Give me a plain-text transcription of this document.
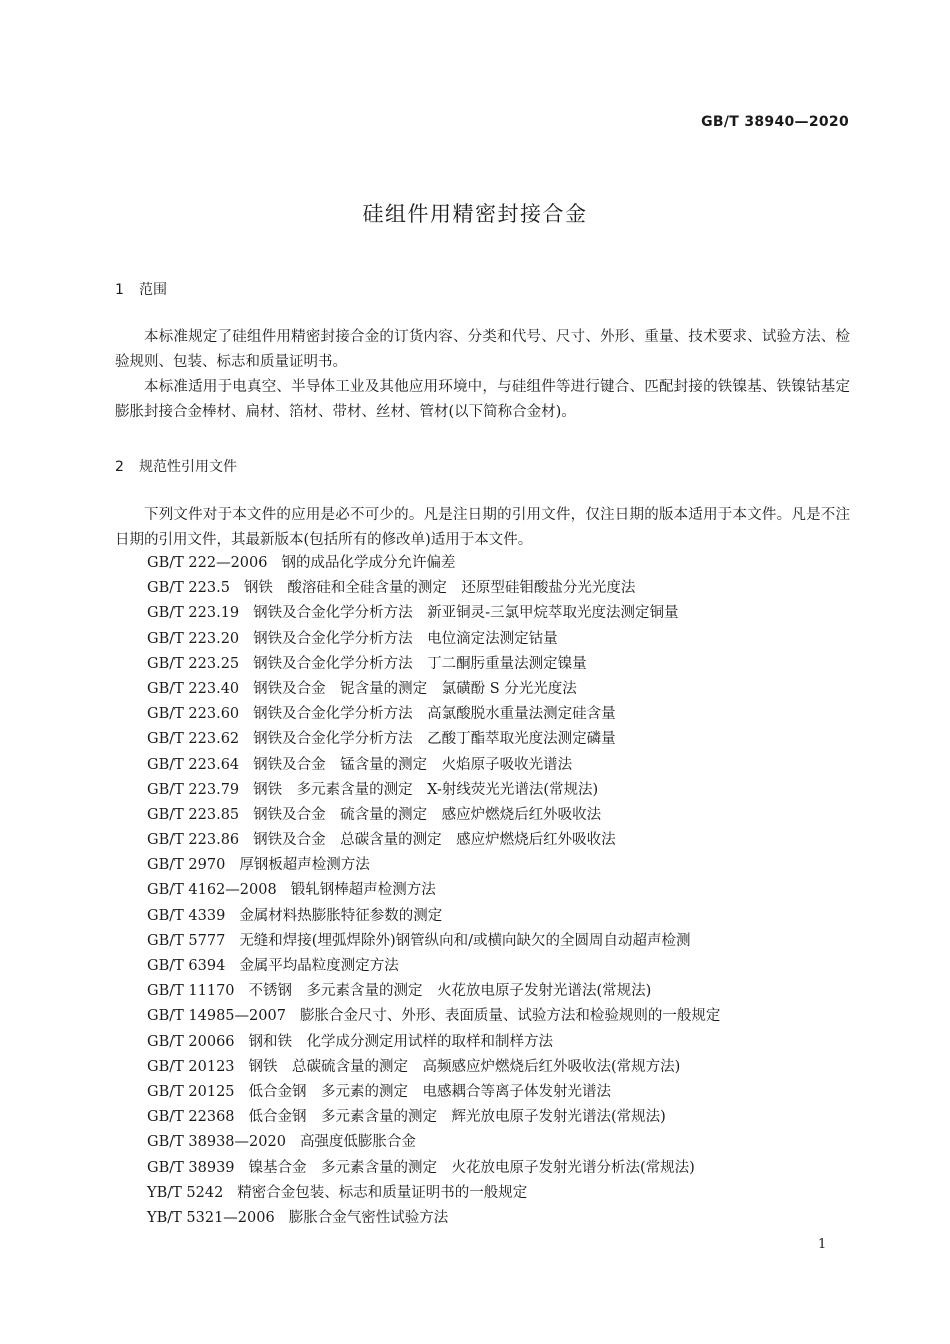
GB/T 38940—2020
硅组件用精密封接合金
1 范围

本标准规定了硅组件用精密封接合金的订货内容、分类和代号、尺寸、外形、重量、技术要求、试验方法、检验规则、包装、标志和质量证明书。

本标准适用于电真空、半导体工业及其他应用环境中，与硅组件等进行键合、匹配封接的铁镍基、铁镍钴基定膨胀封接合金棒材、扁材、箔材、带材、丝材、管材(以下简称合金材)。

2 规范性引用文件

下列文件对于本文件的应用是必不可少的。凡是注日期的引用文件，仅注日期的版本适用于本文件。凡是不注日期的引用文件，其最新版本(包括所有的修改单)适用于本文件。

GB/T 222—2006 钢的成品化学成分允许偏差
GB/T 223.5 钢铁　酸溶硅和全硅含量的测定　还原型硅钼酸盐分光光度法
GB/T 223.19 钢铁及合金化学分析方法　新亚铜灵-三氯甲烷萃取光度法测定铜量
GB/T 223.20 钢铁及合金化学分析方法　电位滴定法测定钴量
GB/T 223.25 钢铁及合金化学分析方法　丁二酮肟重量法测定镍量
GB/T 223.40 钢铁及合金　铌含量的测定　氯磺酚 S 分光光度法
GB/T 223.60 钢铁及合金化学分析方法　高氯酸脱水重量法测定硅含量
GB/T 223.62 钢铁及合金化学分析方法　乙酸丁酯萃取光度法测定磷量
GB/T 223.64 钢铁及合金　锰含量的测定　火焰原子吸收光谱法
GB/T 223.79 钢铁　多元素含量的测定　X-射线荧光光谱法(常规法)
GB/T 223.85 钢铁及合金　硫含量的测定　感应炉燃烧后红外吸收法
GB/T 223.86 钢铁及合金　总碳含量的测定　感应炉燃烧后红外吸收法
GB/T 2970 厚钢板超声检测方法
GB/T 4162—2008 锻轧钢棒超声检测方法
GB/T 4339 金属材料热膨胀特征参数的测定
GB/T 5777 无缝和焊接(埋弧焊除外)钢管纵向和/或横向缺欠的全圆周自动超声检测
GB/T 6394 金属平均晶粒度测定方法
GB/T 11170 不锈钢　多元素含量的测定　火花放电原子发射光谱法(常规法)
GB/T 14985—2007 膨胀合金尺寸、外形、表面质量、试验方法和检验规则的一般规定
GB/T 20066 钢和铁　化学成分测定用试样的取样和制样方法
GB/T 20123 钢铁　总碳硫含量的测定　高频感应炉燃烧后红外吸收法(常规方法)
GB/T 20125 低合金钢　多元素的测定　电感耦合等离子体发射光谱法
GB/T 22368 低合金钢　多元素含量的测定　辉光放电原子发射光谱法(常规法)
GB/T 38938—2020 高强度低膨胀合金
GB/T 38939 镍基合金　多元素含量的测定　火花放电原子发射光谱分析法(常规法)
YB/T 5242 精密合金包装、标志和质量证明书的一般规定
YB/T 5321—2006 膨胀合金气密性试验方法
1
